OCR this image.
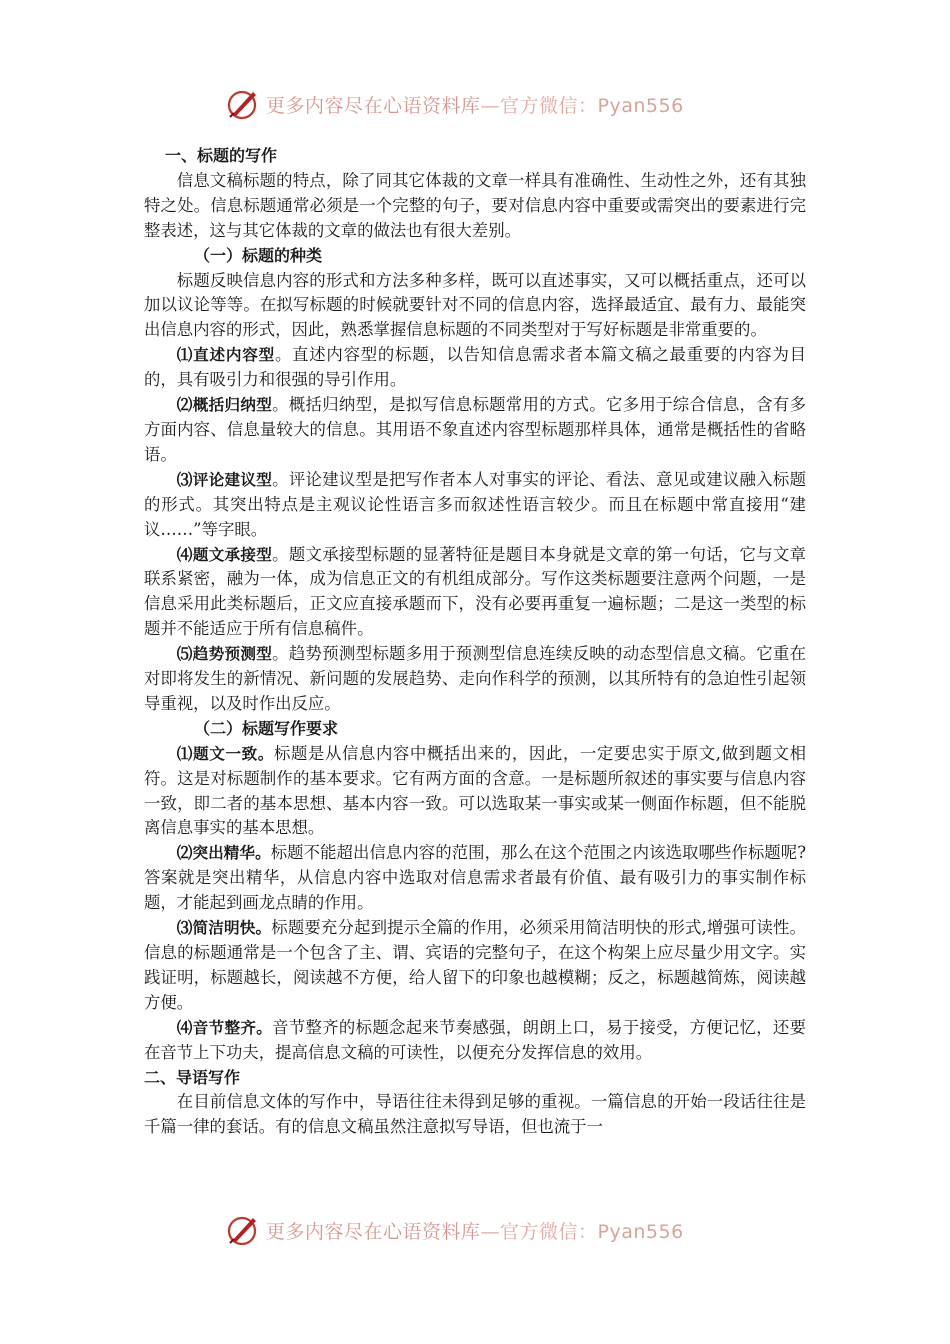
更多内容尽在心语资料库—官方微信：Pyan556

一、标题的写作

信息文稿标题的特点，除了同其它体裁的文章一样具有准确性、生动性之外，还有其独特之处。信息标题通常必须是一个完整的句子，要对信息内容中重要或需突出的要素进行完整表述，这与其它体裁的文章的做法也有很大差别。

（一）标题的种类

标题反映信息内容的形式和方法多种多样，既可以直述事实，又可以概括重点，还可以加以议论等等。在拟写标题的时候就要针对不同的信息内容，选择最适宜、最有力、最能突出信息内容的形式，因此，熟悉掌握信息标题的不同类型对于写好标题是非常重要的。

⑴直述内容型。直述内容型的标题，以告知信息需求者本篇文稿之最重要的内容为目的，具有吸引力和很强的导引作用。

⑵概括归纳型。概括归纳型，是拟写信息标题常用的方式。它多用于综合信息，含有多方面内容、信息量较大的信息。其用语不象直述内容型标题那样具体，通常是概括性的省略语。

⑶评论建议型。评论建议型是把写作者本人对事实的评论、看法、意见或建议融入标题的形式。其突出特点是主观议论性语言多而叙述性语言较少。而且在标题中常直接用“建议……”等字眼。

⑷题文承接型。题文承接型标题的显著特征是题目本身就是文章的第一句话，它与文章联系紧密，融为一体，成为信息正文的有机组成部分。写作这类标题要注意两个问题，一是信息采用此类标题后，正文应直接承题而下，没有必要再重复一遍标题；二是这一类型的标题并不能适应于所有信息稿件。

⑸趋势预测型。趋势预测型标题多用于预测型信息连续反映的动态型信息文稿。它重在对即将发生的新情况、新问题的发展趋势、走向作科学的预测，以其所特有的急迫性引起领导重视，以及时作出反应。

（二）标题写作要求

⑴题文一致。标题是从信息内容中概括出来的，因此，一定要忠实于原文,做到题文相符。这是对标题制作的基本要求。它有两方面的含意。一是标题所叙述的事实要与信息内容一致，即二者的基本思想、基本内容一致。可以选取某一事实或某一侧面作标题，但不能脱离信息事实的基本思想。

⑵突出精华。标题不能超出信息内容的范围，那么在这个范围之内该选取哪些作标题呢?答案就是突出精华，从信息内容中选取对信息需求者最有价值、最有吸引力的事实制作标题，才能起到画龙点睛的作用。

⑶简洁明快。标题要充分起到提示全篇的作用，必须采用简洁明快的形式,增强可读性。信息的标题通常是一个包含了主、谓、宾语的完整句子，在这个构架上应尽量少用文字。实践证明，标题越长，阅读越不方便，给人留下的印象也越模糊；反之，标题越简炼，阅读越方便。

⑷音节整齐。音节整齐的标题念起来节奏感强，朗朗上口，易于接受，方便记忆，还要在音节上下功夫，提高信息文稿的可读性，以便充分发挥信息的效用。

二、导语写作

在目前信息文体的写作中，导语往往未得到足够的重视。一篇信息的开始一段话往往是千篇一律的套话。有的信息文稿虽然注意拟写导语，但也流于一

更多内容尽在心语资料库—官方微信：Pyan556
